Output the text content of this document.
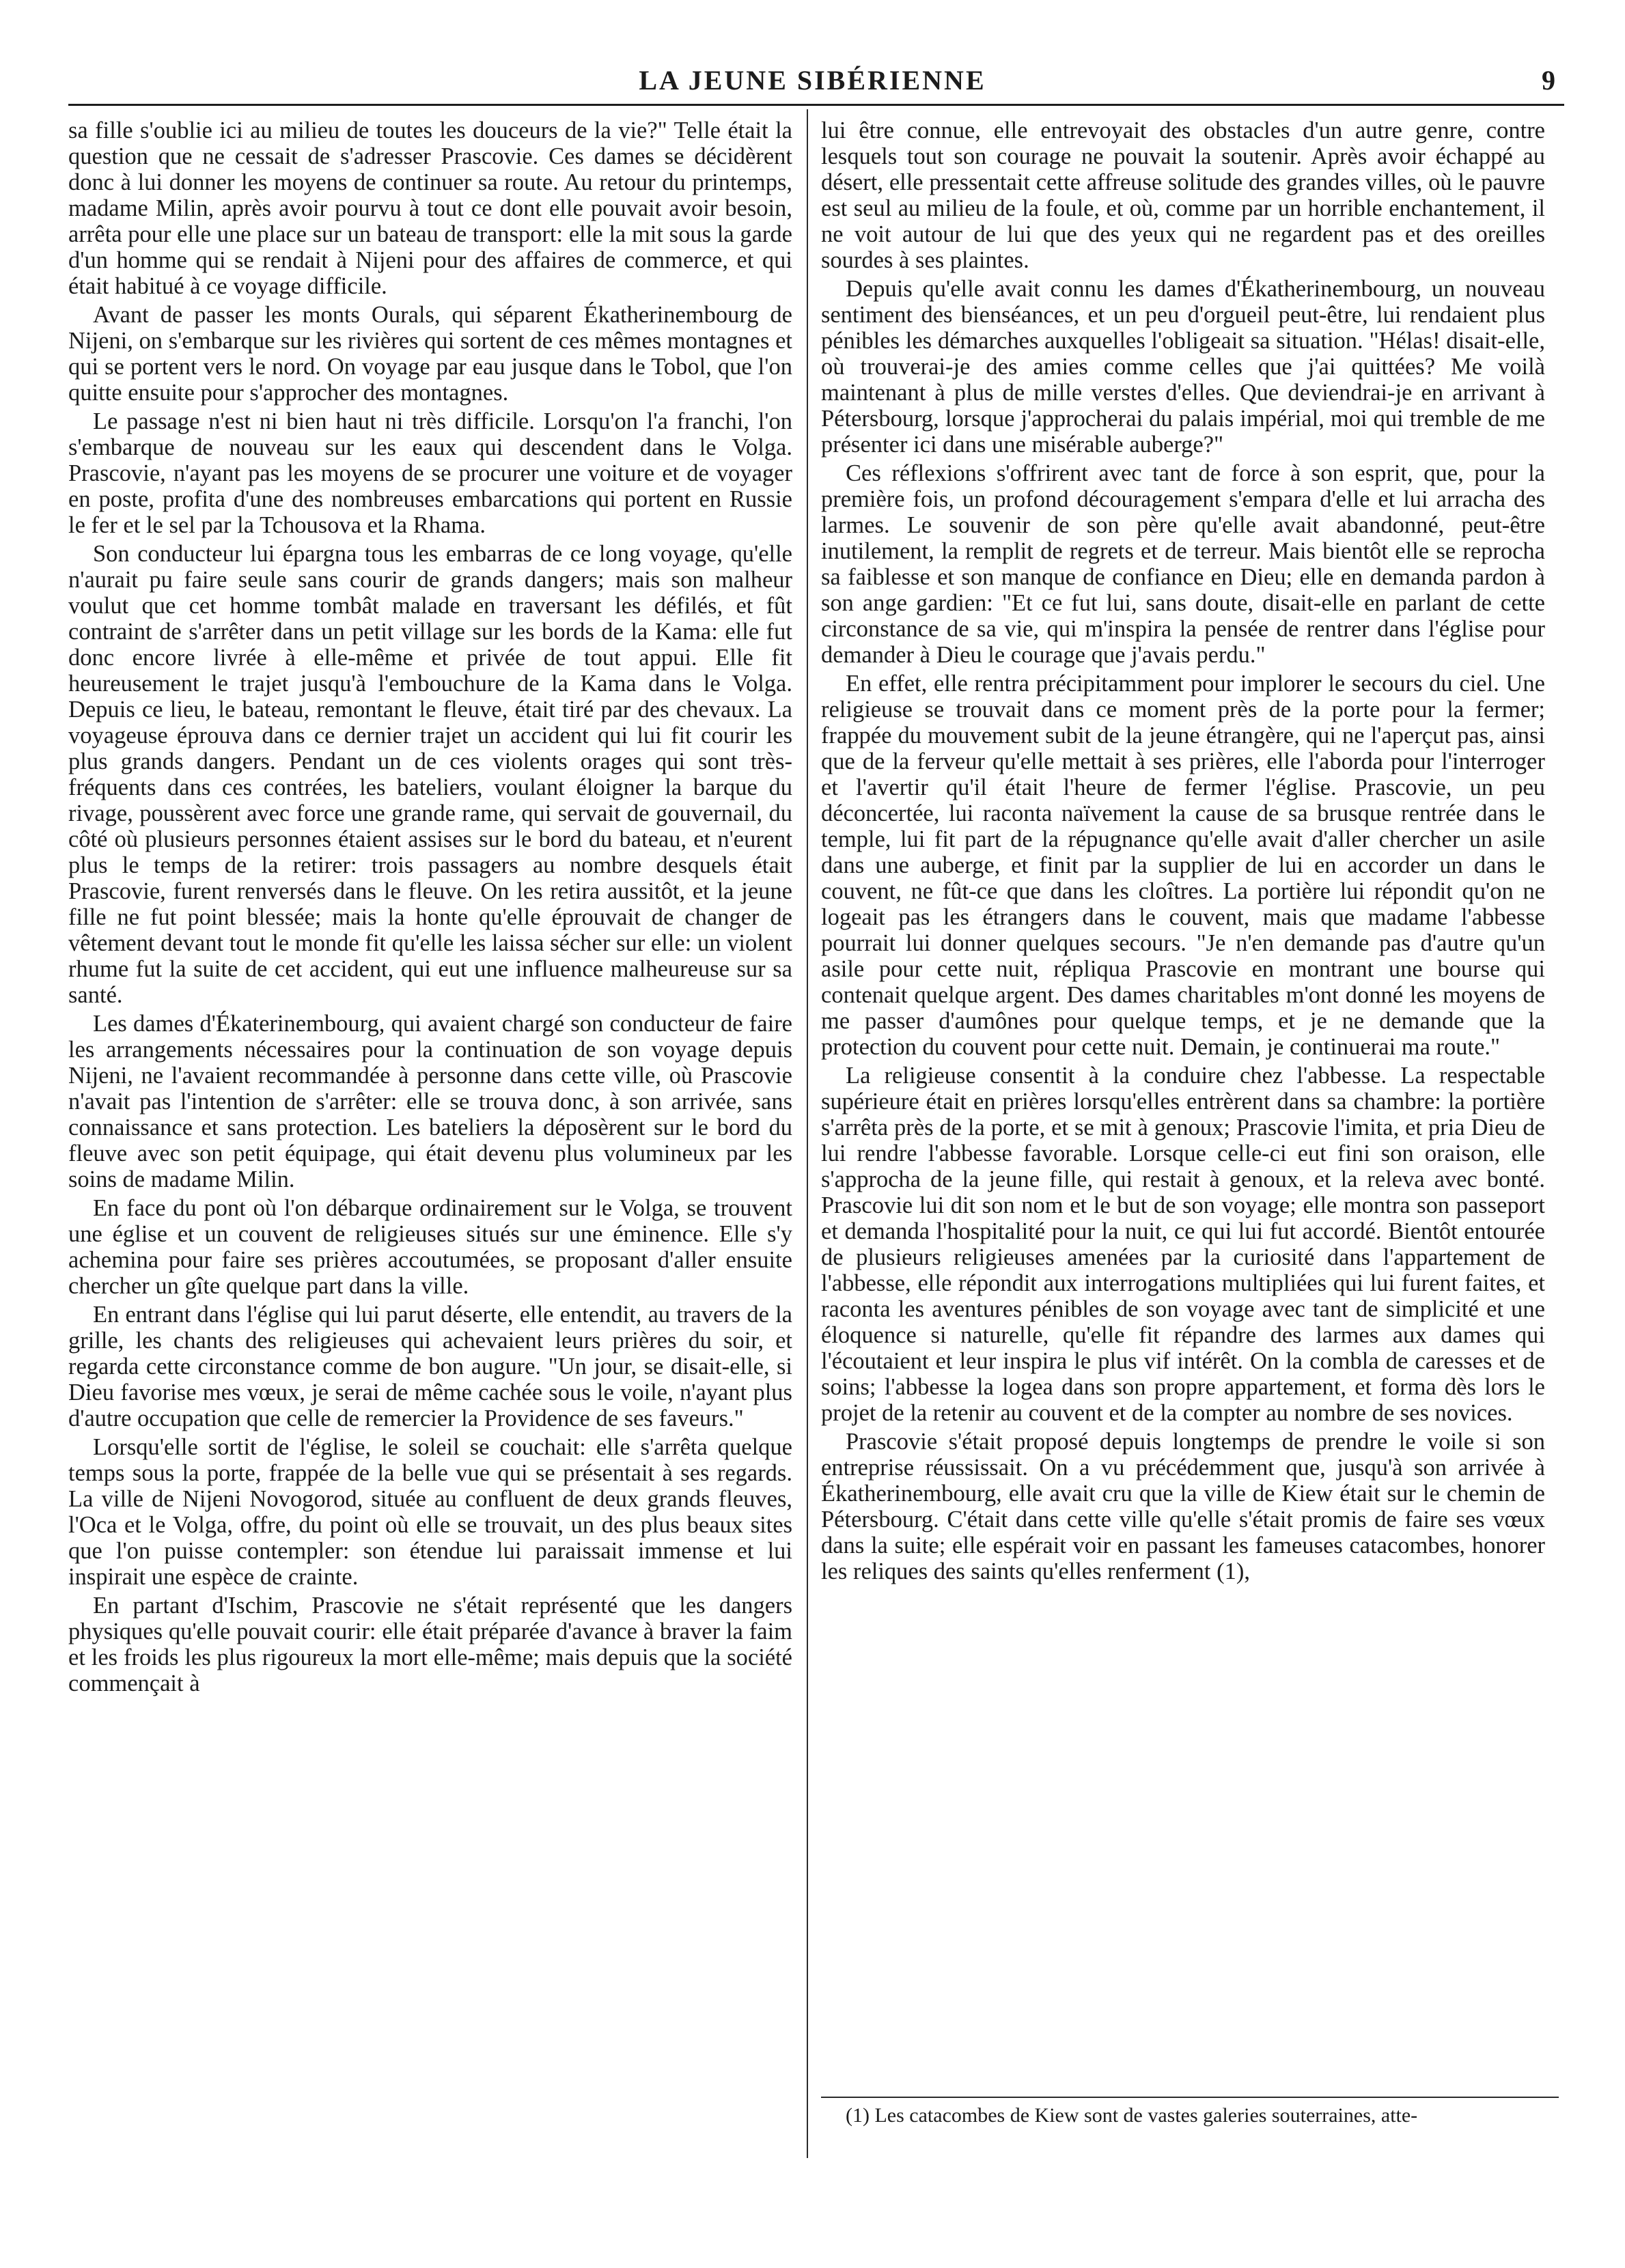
LA JEUNE SIBÉRIENNE	9

sa fille s'oublie ici au milieu de toutes les douceurs de la vie?" Telle était la question que ne cessait de s'adresser Prascovie. Ces dames se décidèrent donc à lui donner les moyens de continuer sa route. Au retour du printemps, madame Milin, après avoir pourvu à tout ce dont elle pouvait avoir besoin, arrêta pour elle une place sur un bateau de transport: elle la mit sous la garde d'un homme qui se rendait à Nijeni pour des affaires de commerce, et qui était habitué à ce voyage difficile.

Avant de passer les monts Ourals, qui séparent Ékatherinembourg de Nijeni, on s'embarque sur les rivières qui sortent de ces mêmes montagnes et qui se portent vers le nord. On voyage par eau jusque dans le Tobol, que l'on quitte ensuite pour s'approcher des montagnes.

Le passage n'est ni bien haut ni très difficile. Lorsqu'on l'a franchi, l'on s'embarque de nouveau sur les eaux qui descendent dans le Volga. Prascovie, n'ayant pas les moyens de se procurer une voiture et de voyager en poste, profita d'une des nombreuses embarcations qui portent en Russie le fer et le sel par la Tchousova et la Rhama.

Son conducteur lui épargna tous les embarras de ce long voyage, qu'elle n'aurait pu faire seule sans courir de grands dangers; mais son malheur voulut que cet homme tombât malade en traversant les défilés, et fût contraint de s'arrêter dans un petit village sur les bords de la Kama: elle fut donc encore livrée à elle-même et privée de tout appui. Elle fit heureusement le trajet jusqu'à l'embouchure de la Kama dans le Volga. Depuis ce lieu, le bateau, remontant le fleuve, était tiré par des chevaux. La voyageuse éprouva dans ce dernier trajet un accident qui lui fit courir les plus grands dangers. Pendant un de ces violents orages qui sont très-fréquents dans ces contrées, les bateliers, voulant éloigner la barque du rivage, poussèrent avec force une grande rame, qui servait de gouvernail, du côté où plusieurs personnes étaient assises sur le bord du bateau, et n'eurent plus le temps de la retirer: trois passagers au nombre desquels était Prascovie, furent renversés dans le fleuve. On les retira aussitôt, et la jeune fille ne fut point blessée; mais la honte qu'elle éprouvait de changer de vêtement devant tout le monde fit qu'elle les laissa sécher sur elle: un violent rhume fut la suite de cet accident, qui eut une influence malheureuse sur sa santé.

Les dames d'Ékaterinembourg, qui avaient chargé son conducteur de faire les arrangements nécessaires pour la continuation de son voyage depuis Nijeni, ne l'avaient recommandée à personne dans cette ville, où Prascovie n'avait pas l'intention de s'arrêter: elle se trouva donc, à son arrivée, sans connaissance et sans protection. Les bateliers la déposèrent sur le bord du fleuve avec son petit équipage, qui était devenu plus volumineux par les soins de madame Milin.

En face du pont où l'on débarque ordinairement sur le Volga, se trouvent une église et un couvent de religieuses situés sur une éminence. Elle s'y achemina pour faire ses prières accoutumées, se proposant d'aller ensuite chercher un gîte quelque part dans la ville.

En entrant dans l'église qui lui parut déserte, elle entendit, au travers de la grille, les chants des religieuses qui achevaient leurs prières du soir, et regarda cette circonstance comme de bon augure. "Un jour, se disait-elle, si Dieu favorise mes vœux, je serai de même cachée sous le voile, n'ayant plus d'autre occupation que celle de remercier la Providence de ses faveurs."

Lorsqu'elle sortit de l'église, le soleil se couchait: elle s'arrêta quelque temps sous la porte, frappée de la belle vue qui se présentait à ses regards. La ville de Nijeni Novogorod, située au confluent de deux grands fleuves, l'Oca et le Volga, offre, du point où elle se trouvait, un des plus beaux sites que l'on puisse contempler: son étendue lui paraissait immense et lui inspirait une espèce de crainte.

En partant d'Ischim, Prascovie ne s'était représenté que les dangers physiques qu'elle pouvait courir: elle était préparée d'avance à braver la faim et les froids les plus rigoureux la mort elle-même; mais depuis que la société commençait à

lui être connue, elle entrevoyait des obstacles d'un autre genre, contre lesquels tout son courage ne pouvait la soutenir. Après avoir échappé au désert, elle pressentait cette affreuse solitude des grandes villes, où le pauvre est seul au milieu de la foule, et où, comme par un horrible enchantement, il ne voit autour de lui que des yeux qui ne regardent pas et des oreilles sourdes à ses plaintes.

Depuis qu'elle avait connu les dames d'Ékatherinembourg, un nouveau sentiment des bienséances, et un peu d'orgueil peut-être, lui rendaient plus pénibles les démarches auxquelles l'obligeait sa situation. "Hélas! disait-elle, où trouverai-je des amies comme celles que j'ai quittées? Me voilà maintenant à plus de mille verstes d'elles. Que deviendrai-je en arrivant à Pétersbourg, lorsque j'approcherai du palais impérial, moi qui tremble de me présenter ici dans une misérable auberge?"

Ces réflexions s'offrirent avec tant de force à son esprit, que, pour la première fois, un profond découragement s'empara d'elle et lui arracha des larmes. Le souvenir de son père qu'elle avait abandonné, peut-être inutilement, la remplit de regrets et de terreur. Mais bientôt elle se reprocha sa faiblesse et son manque de confiance en Dieu; elle en demanda pardon à son ange gardien: "Et ce fut lui, sans doute, disait-elle en parlant de cette circonstance de sa vie, qui m'inspira la pensée de rentrer dans l'église pour demander à Dieu le courage que j'avais perdu."

En effet, elle rentra précipitamment pour implorer le secours du ciel. Une religieuse se trouvait dans ce moment près de la porte pour la fermer; frappée du mouvement subit de la jeune étrangère, qui ne l'aperçut pas, ainsi que de la ferveur qu'elle mettait à ses prières, elle l'aborda pour l'interroger et l'avertir qu'il était l'heure de fermer l'église. Prascovie, un peu déconcertée, lui raconta naïvement la cause de sa brusque rentrée dans le temple, lui fit part de la répugnance qu'elle avait d'aller chercher un asile dans une auberge, et finit par la supplier de lui en accorder un dans le couvent, ne fût-ce que dans les cloîtres. La portière lui répondit qu'on ne logeait pas les étrangers dans le couvent, mais que madame l'abbesse pourrait lui donner quelques secours. "Je n'en demande pas d'autre qu'un asile pour cette nuit, répliqua Prascovie en montrant une bourse qui contenait quelque argent. Des dames charitables m'ont donné les moyens de me passer d'aumônes pour quelque temps, et je ne demande que la protection du couvent pour cette nuit. Demain, je continuerai ma route."

La religieuse consentit à la conduire chez l'abbesse. La respectable supérieure était en prières lorsqu'elles entrèrent dans sa chambre: la portière s'arrêta près de la porte, et se mit à genoux; Prascovie l'imita, et pria Dieu de lui rendre l'abbesse favorable. Lorsque celle-ci eut fini son oraison, elle s'approcha de la jeune fille, qui restait à genoux, et la releva avec bonté. Prascovie lui dit son nom et le but de son voyage; elle montra son passeport et demanda l'hospitalité pour la nuit, ce qui lui fut accordé. Bientôt entourée de plusieurs religieuses amenées par la curiosité dans l'appartement de l'abbesse, elle répondit aux interrogations multipliées qui lui furent faites, et raconta les aventures pénibles de son voyage avec tant de simplicité et une éloquence si naturelle, qu'elle fit répandre des larmes aux dames qui l'écoutaient et leur inspira le plus vif intérêt. On la combla de caresses et de soins; l'abbesse la logea dans son propre appartement, et forma dès lors le projet de la retenir au couvent et de la compter au nombre de ses novices.

Prascovie s'était proposé depuis longtemps de prendre le voile si son entreprise réussissait. On a vu précédemment que, jusqu'à son arrivée à Ékatherinembourg, elle avait cru que la ville de Kiew était sur le chemin de Pétersbourg. C'était dans cette ville qu'elle s'était promis de faire ses vœux dans la suite; elle espérait voir en passant les fameuses catacombes, honorer les reliques des saints qu'elles renferment (1),

(1) Les catacombes de Kiew sont de vastes galeries souterraines, atte-
